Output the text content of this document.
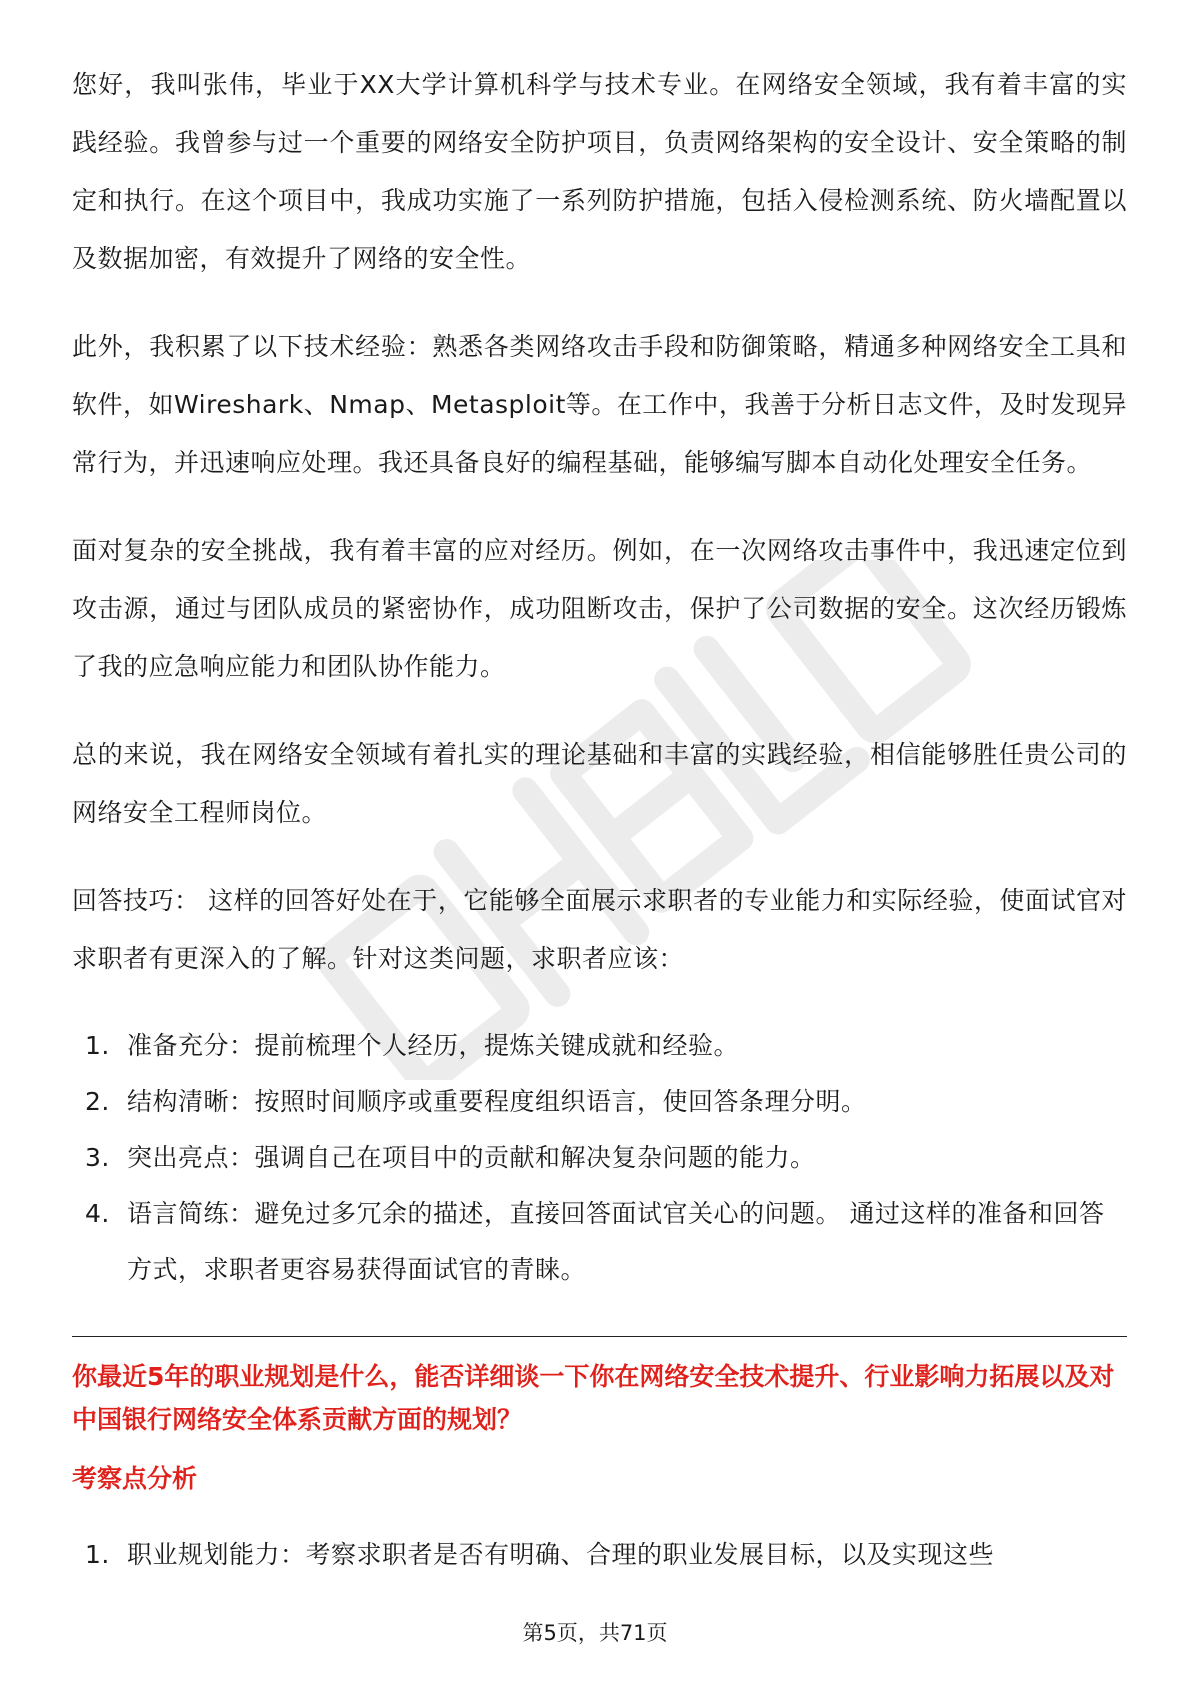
您好，我叫张伟，毕业于XX大学计算机科学与技术专业。在网络安全领域，我有着丰富的实践经验。我曾参与过一个重要的网络安全防护项目，负责网络架构的安全设计、安全策略的制定和执行。在这个项目中，我成功实施了一系列防护措施，包括入侵检测系统、防火墙配置以及数据加密，有效提升了网络的安全性。

此外，我积累了以下技术经验：熟悉各类网络攻击手段和防御策略，精通多种网络安全工具和软件，如Wireshark、Nmap、Metasploit等。在工作中，我善于分析日志文件，及时发现异常行为，并迅速响应处理。我还具备良好的编程基础，能够编写脚本自动化处理安全任务。

面对复杂的安全挑战，我有着丰富的应对经历。例如，在一次网络攻击事件中，我迅速定位到攻击源，通过与团队成员的紧密协作，成功阻断攻击，保护了公司数据的安全。这次经历锻炼了我的应急响应能力和团队协作能力。

总的来说，我在网络安全领域有着扎实的理论基础和丰富的实践经验，相信能够胜任贵公司的网络安全工程师岗位。

回答技巧： 这样的回答好处在于，它能够全面展示求职者的专业能力和实际经验，使面试官对求职者有更深入的了解。针对这类问题，求职者应该：

1. 准备充分：提前梳理个人经历，提炼关键成就和经验。
2. 结构清晰：按照时间顺序或重要程度组织语言，使回答条理分明。
3. 突出亮点：强调自己在项目中的贡献和解决复杂问题的能力。
4. 语言简练：避免过多冗余的描述，直接回答面试官关心的问题。 通过这样的准备和回答方式，求职者更容易获得面试官的青睐。
你最近5年的职业规划是什么，能否详细谈一下你在网络安全技术提升、行业影响力拓展以及对中国银行网络安全体系贡献方面的规划？
考察点分析
1. 职业规划能力：考察求职者是否有明确、合理的职业发展目标，以及实现这些
第5页，共71页
